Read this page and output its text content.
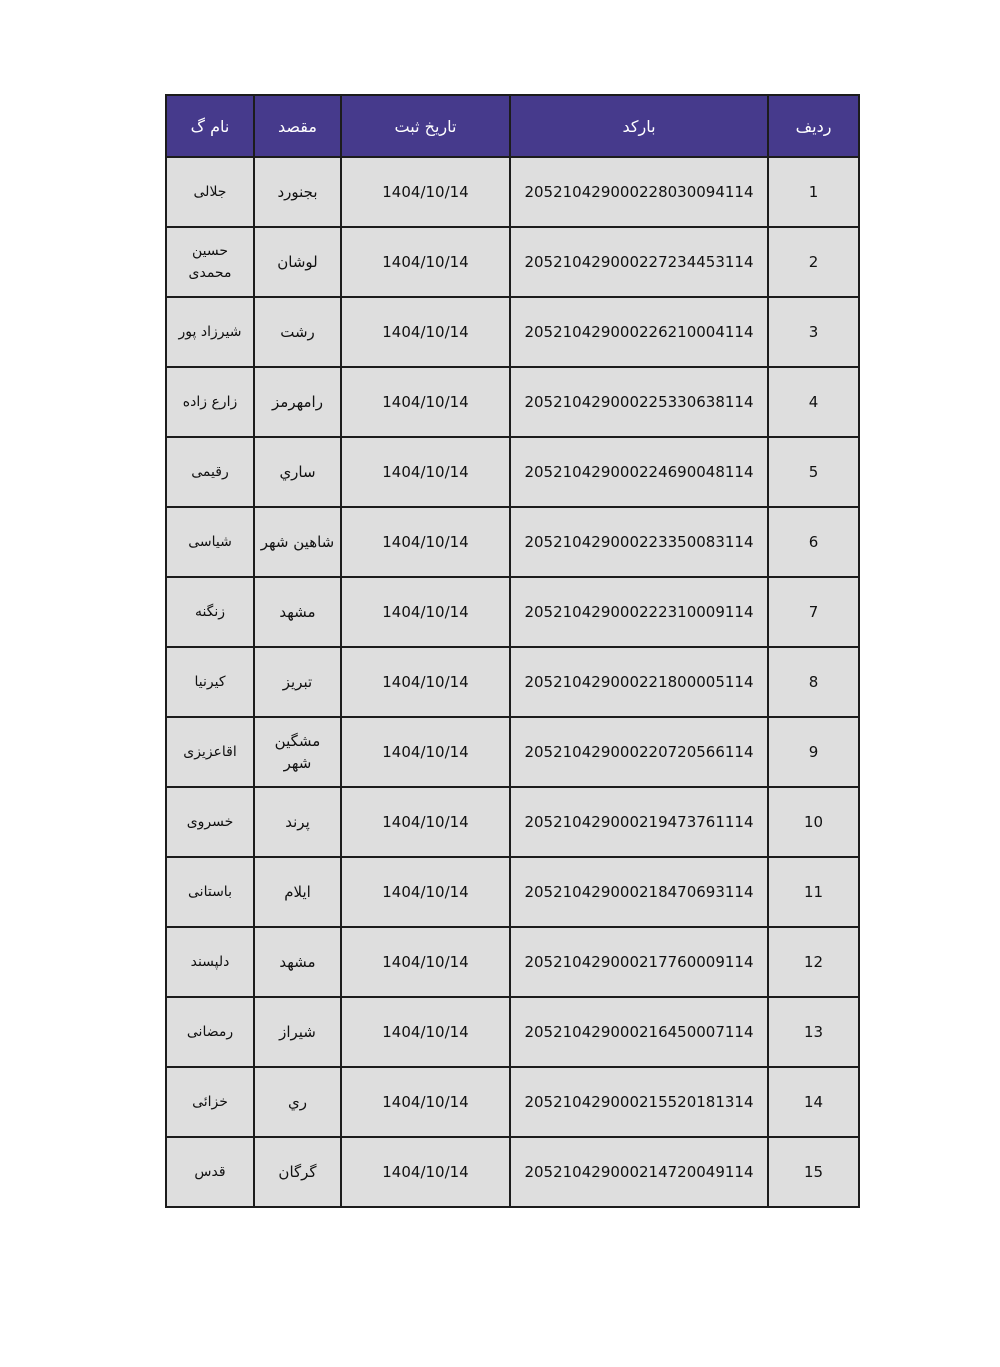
ردیف	بارکد	تاریخ ثبت	مقصد	نام گ
1	205210429000228030094114	1404/10/14	بجنورد	جلالی
2	205210429000227234453114	1404/10/14	لوشان	حسین محمدی
3	205210429000226210004114	1404/10/14	رشت	شیرزاد پور
4	205210429000225330638114	1404/10/14	رامهرمز	زارع زاده
5	205210429000224690048114	1404/10/14	ساري	رقیمی
6	205210429000223350083114	1404/10/14	شاهین شهر	شیاسی
7	205210429000222310009114	1404/10/14	مشهد	زنگنه
8	205210429000221800005114	1404/10/14	تبریز	کیرنیا
9	205210429000220720566114	1404/10/14	مشگین شهر	اقاعزیزی
10	205210429000219473761114	1404/10/14	پرند	خسروی
11	205210429000218470693114	1404/10/14	ایلام	باستانی
12	205210429000217760009114	1404/10/14	مشهد	دلپسند
13	205210429000216450007114	1404/10/14	شیراز	رمضانی
14	205210429000215520181314	1404/10/14	ري	خزائی
15	205210429000214720049114	1404/10/14	گرگان	قدس
